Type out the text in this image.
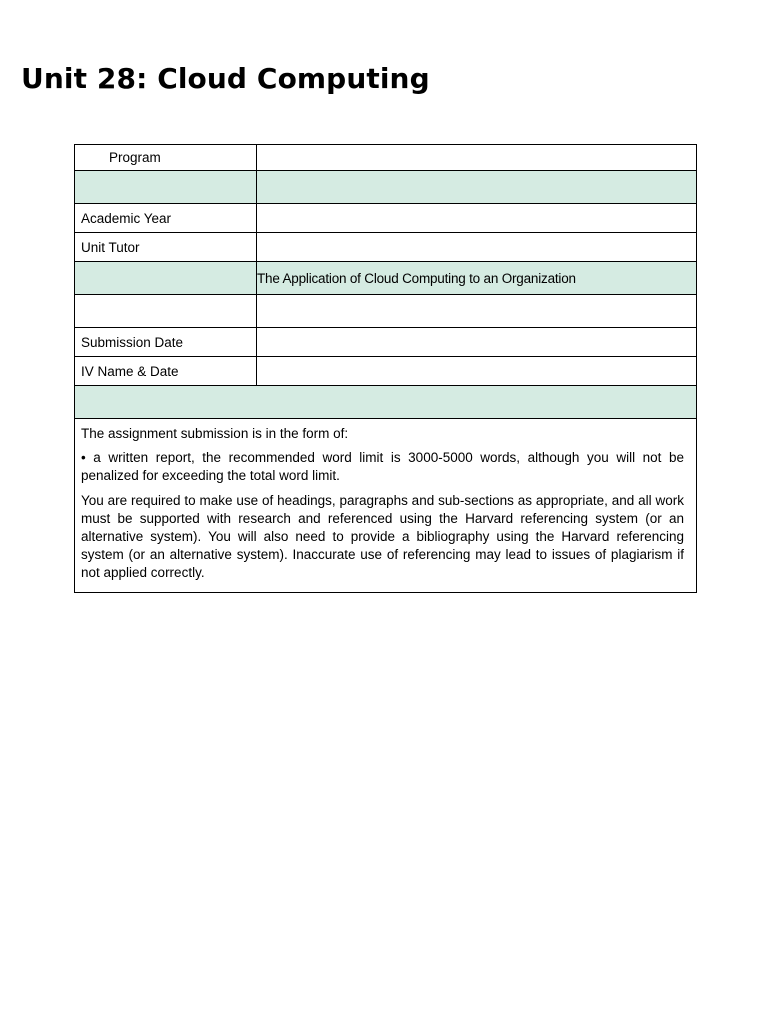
Unit 28: Cloud Computing
Program	

Academic Year	
Unit Tutor	
	The Application of Cloud Computing to an Organization

Submission Date	
IV Name & Date	

The assignment submission is in the form of:

• a written report, the recommended word limit is 3000-5000 words, although you will not be penalized for exceeding the total word limit.

You are required to make use of headings, paragraphs and sub-sections as appropriate, and all work must be supported with research and referenced using the Harvard referencing system (or an alternative system). You will also need to provide a bibliography using the Harvard referencing system (or an alternative system). Inaccurate use of referencing may lead to issues of plagiarism if not applied correctly.	
